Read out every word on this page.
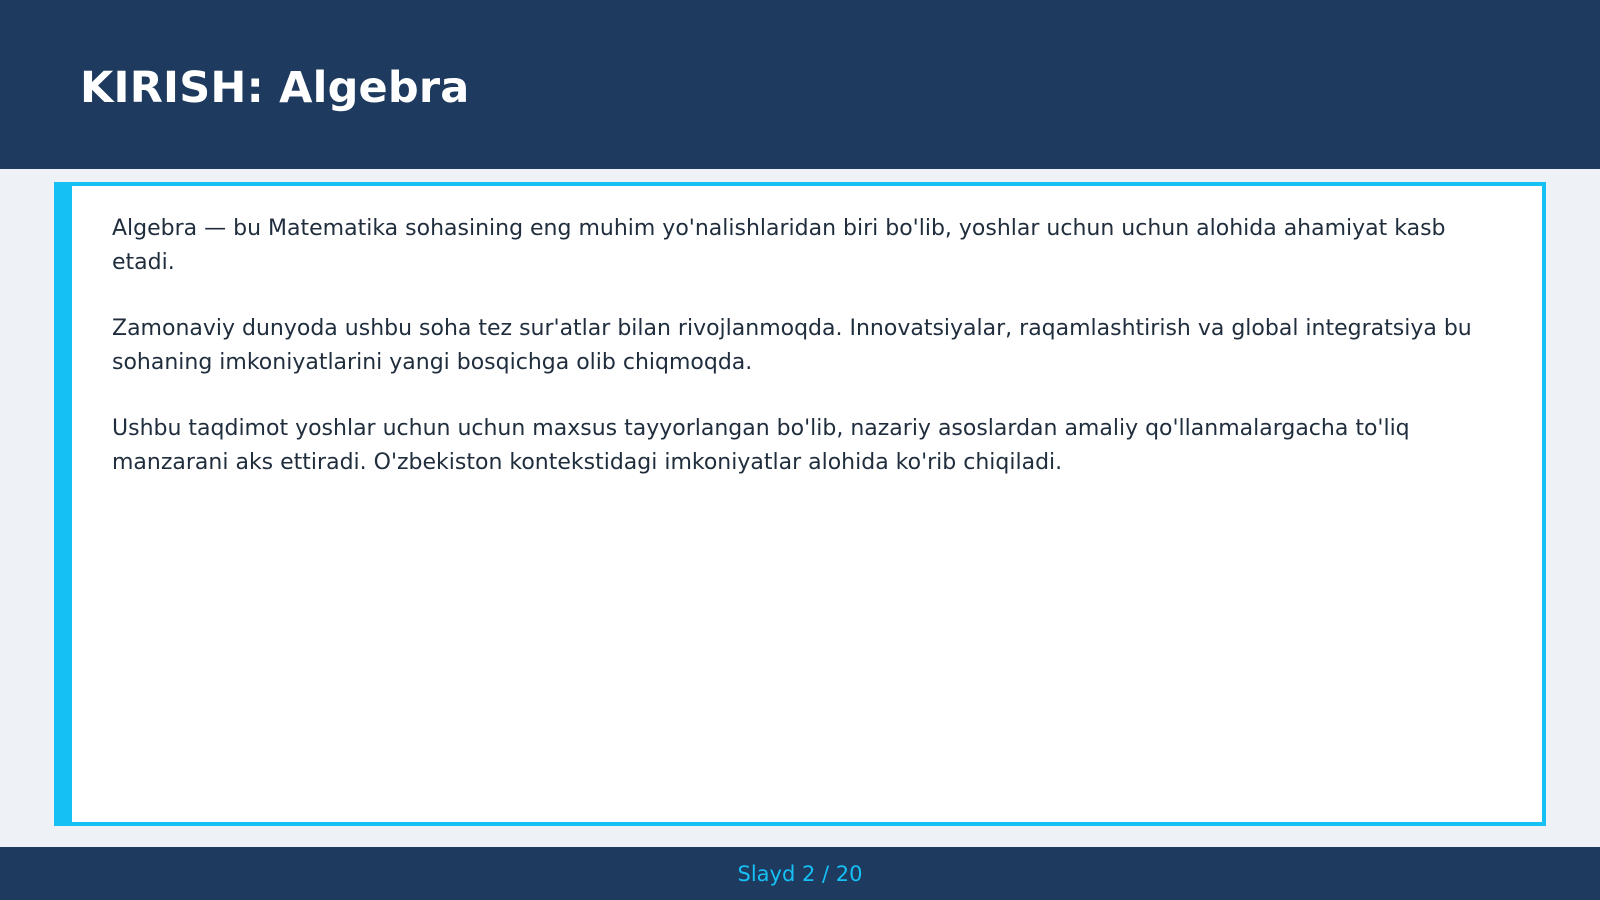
KIRISH: Algebra

Algebra — bu Matematika sohasining eng muhim yo'nalishlaridan biri bo'lib, yoshlar uchun uchun alohida ahamiyat kasb etadi.

Zamonaviy dunyoda ushbu soha tez sur'atlar bilan rivojlanmoqda. Innovatsiyalar, raqamlashtirish va global integratsiya bu sohaning imkoniyatlarini yangi bosqichga olib chiqmoqda.

Ushbu taqdimot yoshlar uchun uchun maxsus tayyorlangan bo'lib, nazariy asoslardan amaliy qo'llanmalargacha to'liq manzarani aks ettiradi. O'zbekiston kontekstidagi imkoniyatlar alohida ko'rib chiqiladi.

Slayd 2 / 20
